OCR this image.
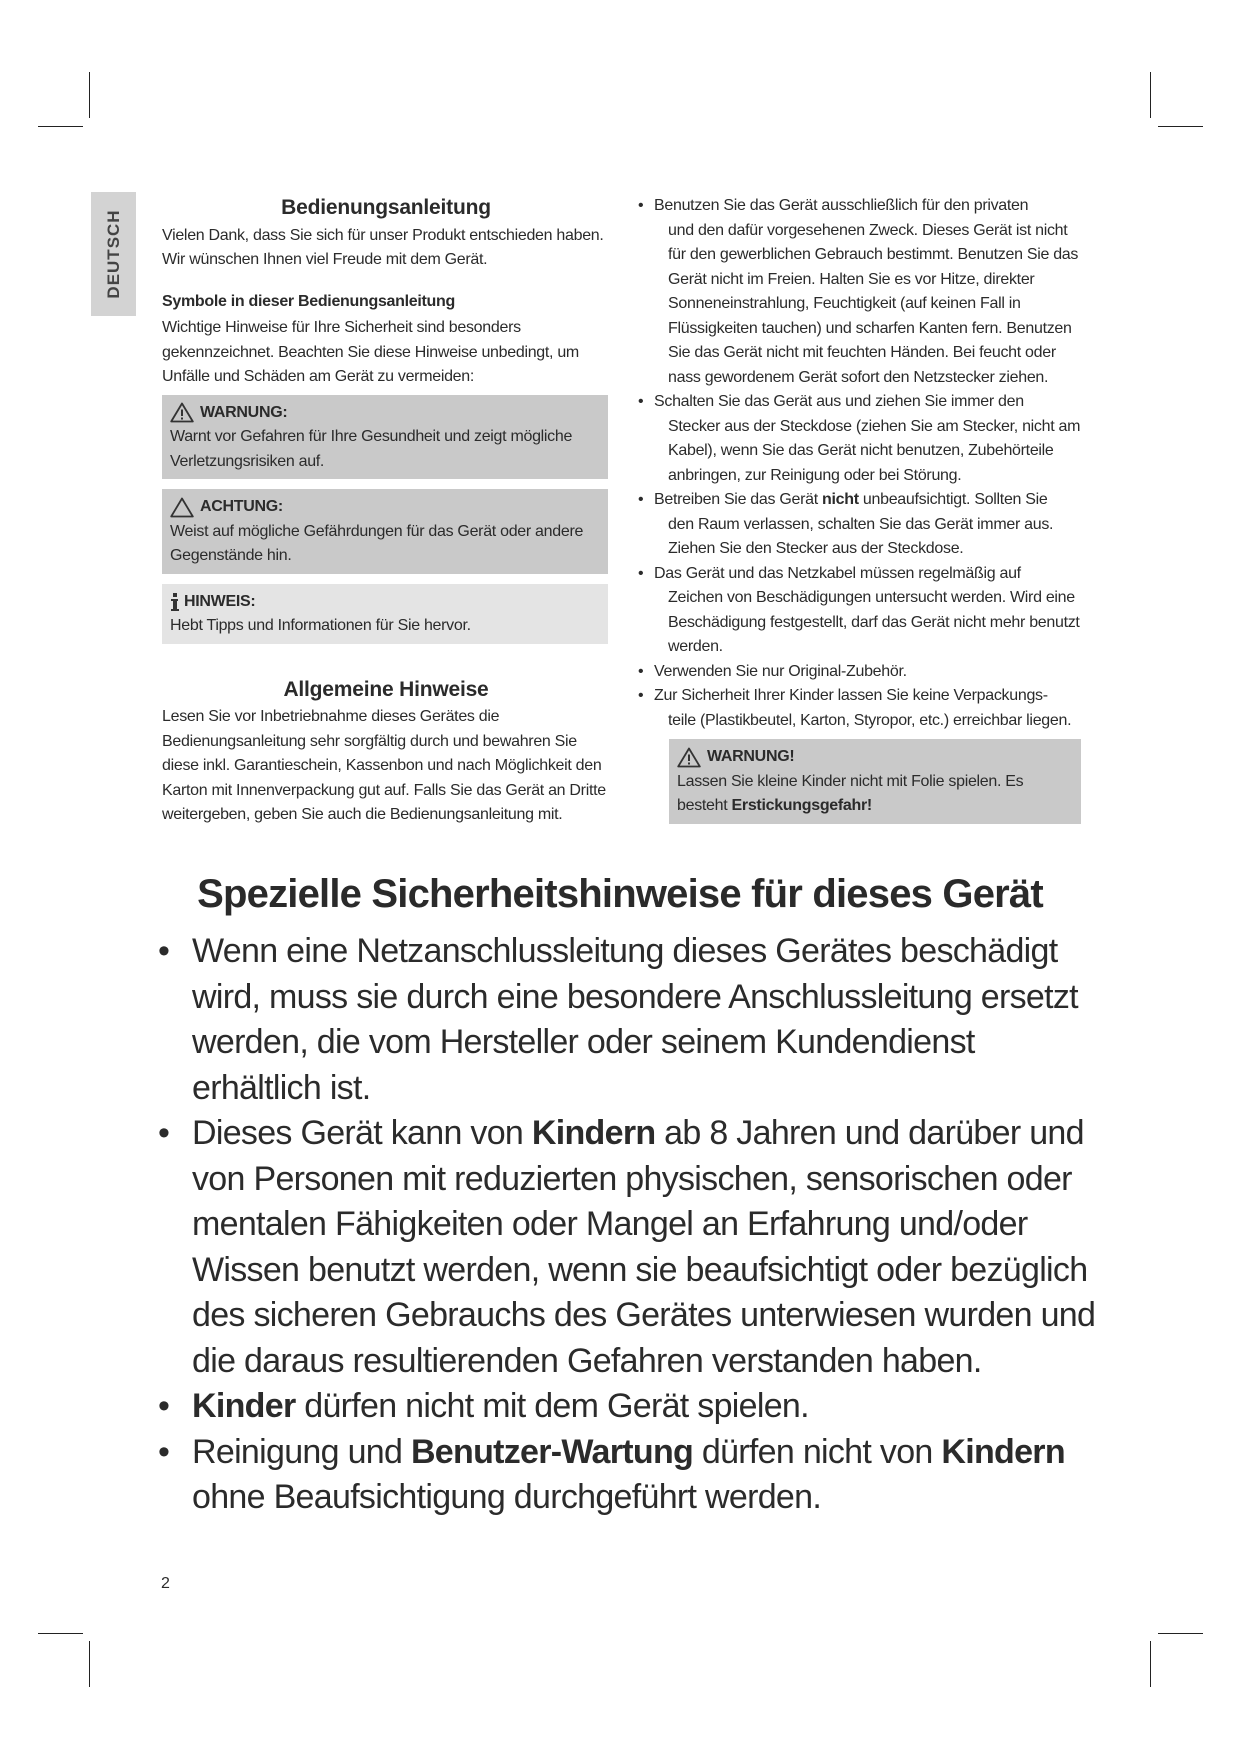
DEUTSCH
Bedienungsanleitung

Vielen Dank, dass Sie sich für unser Produkt entschieden haben. Wir wünschen Ihnen viel Freude mit dem Gerät.

Symbole in dieser Bedienungsanleitung

Wichtige Hinweise für Ihre Sicherheit sind besonders gekennzeichnet. Beachten Sie diese Hinweise unbedingt, um Unfälle und Schäden am Gerät zu vermeiden:

WARNUNG:

Warnt vor Gefahren für Ihre Gesundheit und zeigt mögliche Verletzungsrisiken auf.

ACHTUNG:

Weist auf mögliche Gefährdungen für das Gerät oder andere Gegenstände hin.

HINWEIS:

Hebt Tipps und Informationen für Sie hervor.

Allgemeine Hinweise

Lesen Sie vor Inbetriebnahme dieses Gerätes die Bedienungsanleitung sehr sorgfältig durch und bewahren Sie diese inkl. Garantieschein, Kassenbon und nach Möglichkeit den Karton mit Innenverpackung gut auf. Falls Sie das Gerät an Dritte weitergeben, geben Sie auch die Bedienungsanleitung mit.

• Benutzen Sie das Gerät ausschließlich für den privaten
und den dafür vorgesehenen Zweck. Dieses Gerät ist nicht für den gewerblichen Gebrauch bestimmt. Benutzen Sie das Gerät nicht im Freien. Halten Sie es vor Hitze, direkter Sonneneinstrahlung, Feuchtigkeit (auf keinen Fall in Flüssigkeiten tauchen) und scharfen Kanten fern. Benutzen Sie das Gerät nicht mit feuchten Händen. Bei feucht oder nass gewordenem Gerät sofort den Netzstecker ziehen.
• Schalten Sie das Gerät aus und ziehen Sie immer den
Stecker aus der Steckdose (ziehen Sie am Stecker, nicht am Kabel), wenn Sie das Gerät nicht benutzen, Zubehörteile anbringen, zur Reinigung oder bei Störung.
• Betreiben Sie das Gerät nicht unbeaufsichtigt. Sollten Sie
den Raum verlassen, schalten Sie das Gerät immer aus. Ziehen Sie den Stecker aus der Steckdose.
• Das Gerät und das Netzkabel müssen regelmäßig auf
Zeichen von Beschädigungen untersucht werden. Wird eine Beschädigung festgestellt, darf das Gerät nicht mehr benutzt werden.
• Verwenden Sie nur Original-Zubehör.
• Zur Sicherheit Ihrer Kinder lassen Sie keine Verpackungs-
teile (Plastikbeutel, Karton, Styropor, etc.) erreichbar liegen.
WARNUNG!

Lassen Sie kleine Kinder nicht mit Folie spielen. Es besteht Erstickungsgefahr!

Spezielle Sicherheitshinweise für dieses Gerät
• Wenn eine Netzanschlussleitung dieses Gerätes beschädigt wird, muss sie durch eine besondere Anschlussleitung ersetzt werden, die vom Hersteller oder seinem Kundendienst erhältlich ist.
• Dieses Gerät kann von Kindern ab 8 Jahren und darüber und von Personen mit reduzierten physischen, sensorischen oder mentalen Fähigkeiten oder Mangel an Erfahrung und/oder Wissen benutzt werden, wenn sie beaufsichtigt oder bezüglich des sicheren Gebrauchs des Gerätes unterwiesen wurden und die daraus resultierenden Gefahren verstanden haben.
• Kinder dürfen nicht mit dem Gerät spielen.
• Reinigung und Benutzer-Wartung dürfen nicht von Kindern ohne Beaufsichtigung durchgeführt werden.
2
